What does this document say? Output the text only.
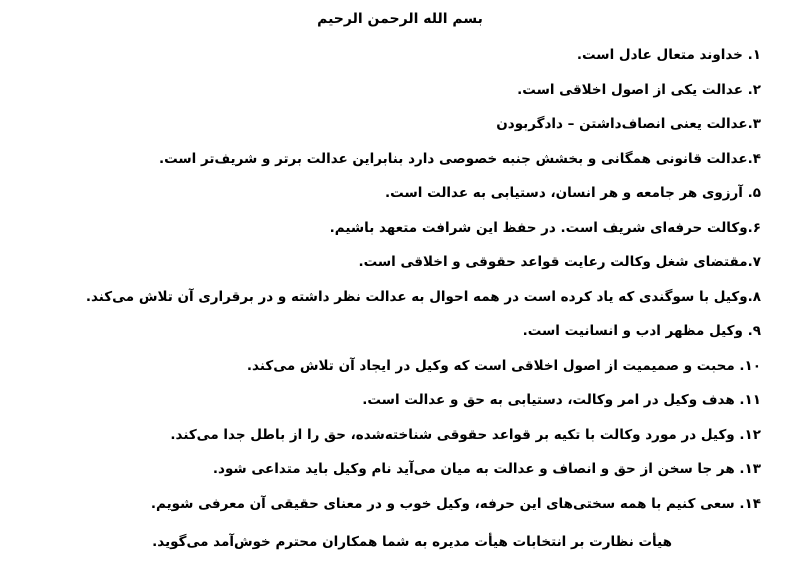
بسم الله الرحمن الرحیم
۱. خداوند متعال عادل است.
۲. عدالت یکی از اصول اخلاقی است.
۳.عدالت یعنی انصاف‌داشتن – دادگربودن
۴.عدالت قانونی همگانی و بخشش جنبه خصوصی دارد بنابراین عدالت برتر و شریف‌تر است.
۵. آرزوی هر جامعه و هر انسان، دستیابی به عدالت است.
۶.وکالت حرفه‌ای شریف است. در حفظ این شرافت متعهد باشیم.
۷.مقتضای شغل وکالت رعایت قواعد حقوقی و اخلاقی است.
۸.وکیل با سوگندی که یاد کرده است در همه احوال به عدالت نظر داشته و در برقراری آن تلاش می‌کند.
۹. وکیل مظهر ادب و انسانیت است.
۱۰. محبت و صمیمیت از اصول اخلاقی است که وکیل در ایجاد آن تلاش می‌کند.
۱۱. هدف وکیل در امر وکالت، دستیابی به حق و عدالت است.
۱۲. وکیل در مورد وکالت با تکیه بر قواعد حقوقی شناخته‌شده، حق را از باطل جدا می‌کند.
۱۳. هر جا سخن از حق و انصاف و عدالت به میان می‌آید نام وکیل باید متداعی شود.
۱۴. سعی کنیم با همه سختی‌های این حرفه، وکیل خوب و در معنای حقیقی آن معرفی شویم.
هیأت نظارت بر انتخابات هیأت مدیره به شما همکاران محترم خوش‌آمد می‌گوید.
